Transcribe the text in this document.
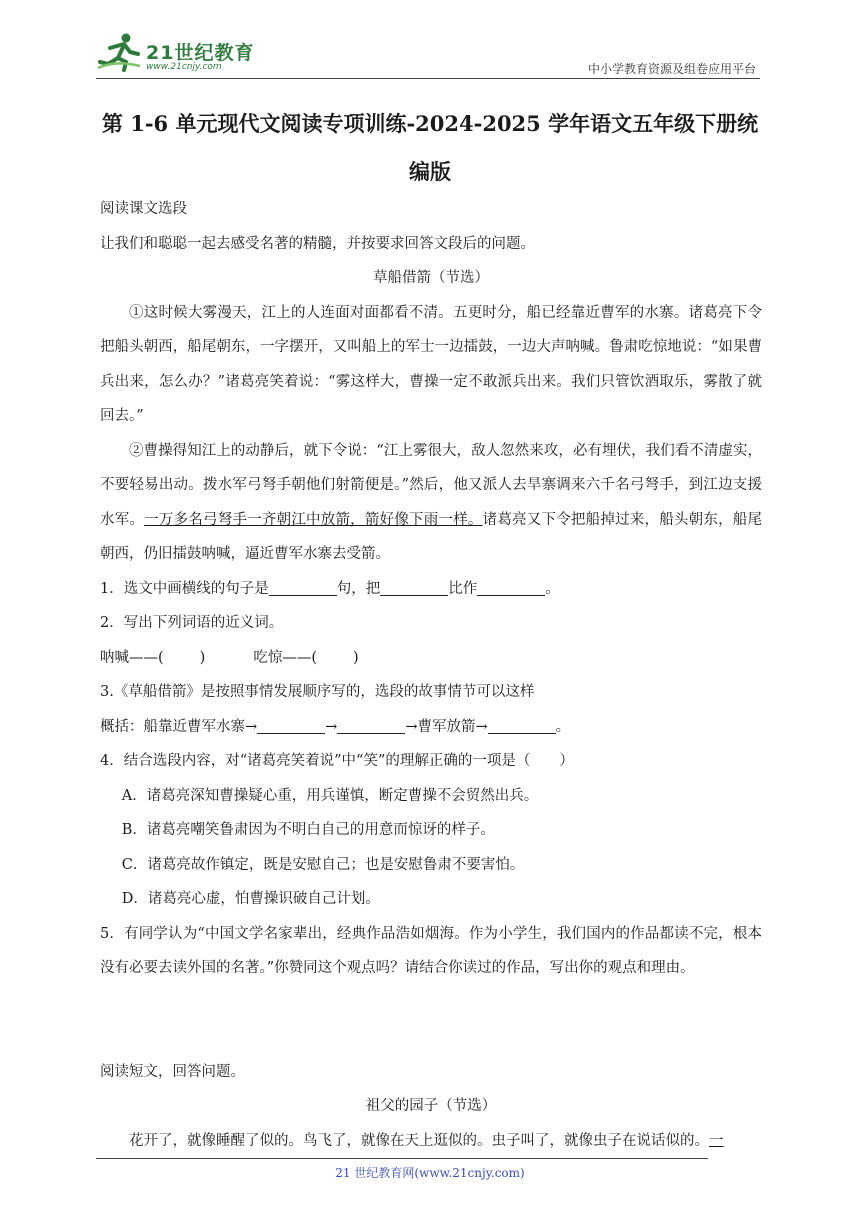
21世纪教育
www.21cnjy.com	中小学教育资源及组卷应用平台
第 1-6 单元现代文阅读专项训练-2024-2025 学年语文五年级下册统编版

阅读课文选段

让我们和聪聪一起去感受名著的精髓，并按要求回答文段后的问题。

草船借箭（节选）

①这时候大雾漫天，江上的人连面对面都看不清。五更时分，船已经靠近曹军的水寨。诸葛亮下令把船头朝西，船尾朝东，一字摆开，又叫船上的军士一边擂鼓，一边大声呐喊。鲁肃吃惊地说：“如果曹兵出来，怎么办？”诸葛亮笑着说：“雾这样大，曹操一定不敢派兵出来。我们只管饮酒取乐，雾散了就回去。”

②曹操得知江上的动静后，就下令说：“江上雾很大，敌人忽然来攻，必有埋伏，我们看不清虚实，不要轻易出动。拨水军弓弩手朝他们射箭便是。”然后，他又派人去旱寨调来六千名弓弩手，到江边支援水军。一万多名弓弩手一齐朝江中放箭，箭好像下雨一样。诸葛亮又下令把船掉过来，船头朝东，船尾朝西，仍旧擂鼓呐喊，逼近曹军水寨去受箭。

1．选文中画横线的句子是	句，把	比作	。

2．写出下列词语的近义词。

呐喊——( )	吃惊——( )

3.《草船借箭》是按照事情发展顺序写的，选段的故事情节可以这样

概括：船靠近曹军水寨→	→	→曹军放箭→	。

4．结合选段内容，对“诸葛亮笑着说”中“笑”的理解正确的一项是（　　）

A．诸葛亮深知曹操疑心重，用兵谨慎，断定曹操不会贸然出兵。

B．诸葛亮嘲笑鲁肃因为不明白自己的用意而惊讶的样子。

C．诸葛亮故作镇定，既是安慰自己；也是安慰鲁肃不要害怕。

D．诸葛亮心虚，怕曹操识破自己计划。

5．有同学认为“中国文学名家辈出，经典作品浩如烟海。作为小学生，我们国内的作品都读不完，根本没有必要去读外国的名著。”你赞同这个观点吗？请结合你读过的作品，写出你的观点和理由。

阅读短文，回答问题。

祖父的园子（节选）

花开了，就像睡醒了似的。鸟飞了，就像在天上逛似的。虫子叫了，就像虫子在说话似的。一

21 世纪教育网(www.21cnjy.com)
